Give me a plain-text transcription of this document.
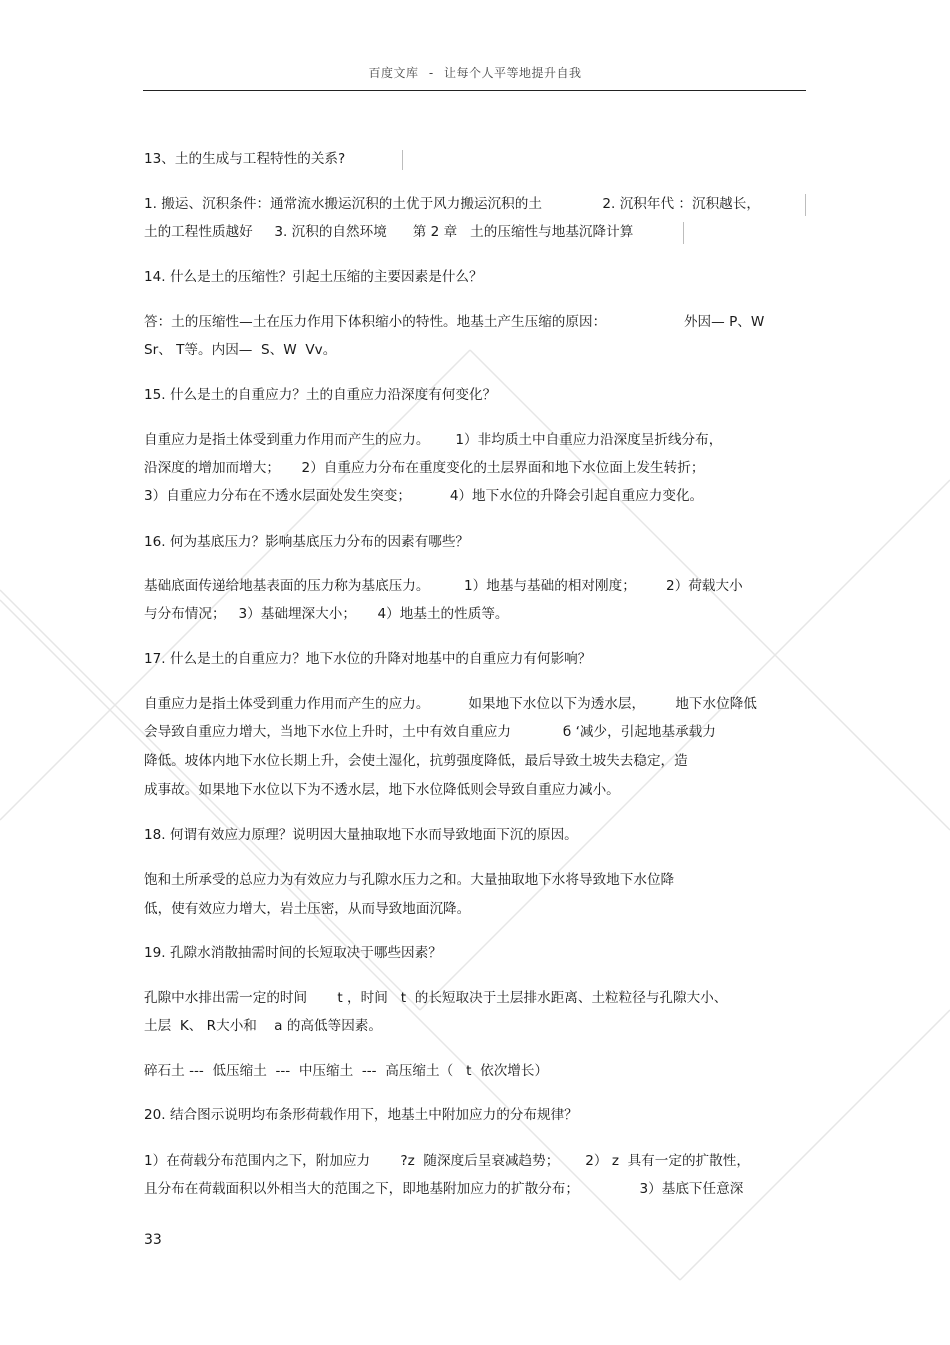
百度文库 - 让每个人平等地提升自我
13、土的生成与工程特性的关系?
1. 搬运、沉积条件：通常流水搬运沉积的土优于风力搬运沉积的土              2. 沉积年代 ：沉积越长，
土的工程性质越好     3. 沉积的自然环境      第 2 章   土的压缩性与地基沉降计算
14. 什么是土的压缩性？引起土压缩的主要因素是什么？
答：土的压缩性—土在压力作用下体积缩小的特性。地基土产生压缩的原因：                  外因— P、W
Sr、 T等。内因—  S、W  Vv。
15. 什么是土的自重应力？土的自重应力沿深度有何变化？
自重应力是指土体受到重力作用而产生的应力。      1）非均质土中自重应力沿深度呈折线分布，
沿深度的增加而增大；     2）自重应力分布在重度变化的土层界面和地下水位面上发生转折；
3）自重应力分布在不透水层面处发生突变；         4）地下水位的升降会引起自重应力变化。
16. 何为基底压力？影响基底压力分布的因素有哪些？
基础底面传递给地基表面的压力称为基底压力。        1）地基与基础的相对刚度；       2）荷载大小
与分布情况；   3）基础埋深大小；     4）地基土的性质等。
17. 什么是土的自重应力？地下水位的升降对地基中的自重应力有何影响？
自重应力是指土体受到重力作用而产生的应力。         如果地下水位以下为透水层，       地下水位降低
会导致自重应力增大，当地下水位上升时，土中有效自重应力            б ‘减少，引起地基承载力
降低。坡体内地下水位长期上升，会使土湿化，抗剪强度降低，最后导致土坡失去稳定，造
成事故。如果地下水位以下为不透水层，地下水位降低则会导致自重应力减小。
18. 何谓有效应力原理？说明因大量抽取地下水而导致地面下沉的原因。
饱和土所承受的总应力为有效应力与孔隙水压力之和。大量抽取地下水将导致地下水位降
低，使有效应力增大，岩土压密，从而导致地面沉降。
19. 孔隙水消散抽需时间的长短取决于哪些因素？
孔隙中水排出需一定的时间       t ，时间   t  的长短取决于土层排水距离、土粒粒径与孔隙大小、
土层  K、 R大小和    a 的高低等因素。
碎石土 ---  低压缩土  ---  中压缩土  ---  高压缩土（   t  依次增长）
20. 结合图示说明均布条形荷载作用下，地基土中附加应力的分布规律？
1）在荷载分布范围内之下，附加应力       ?z  随深度后呈衰减趋势；      2） z  具有一定的扩散性，
且分布在荷载面积以外相当大的范围之下，即地基附加应力的扩散分布；              3）基底下任意深
33
